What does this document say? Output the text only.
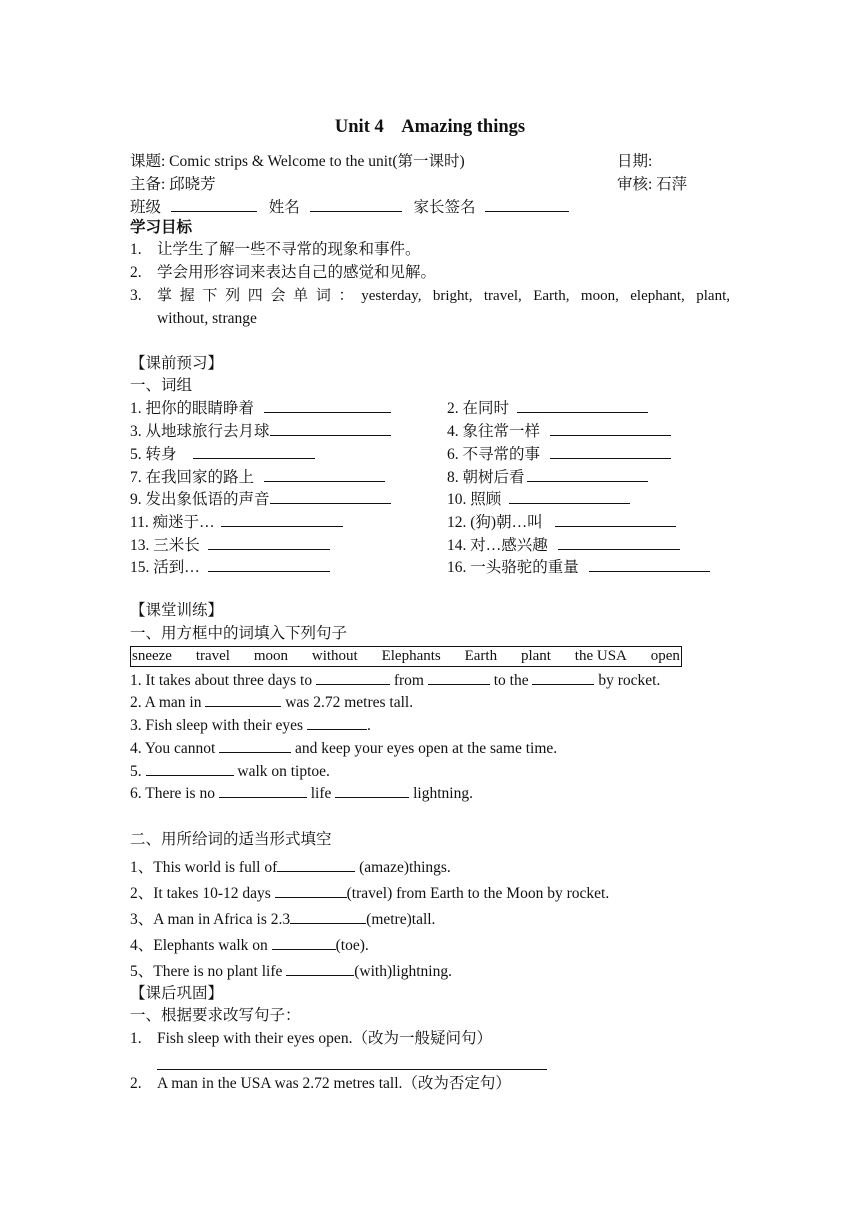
Unit 4    Amazing things
课题: Comic strips & Welcome to the unit(第一课时)	日期:
主备: 邱晓芳	审核: 石萍
班级	姓名	家长签名
学习目标
1. 让学生了解一些不寻常的现象和事件。
2. 学会用形容词来表达自己的感觉和见解。
3. 掌握下列四会单词：yesterday, bright, travel, Earth, moon, elephant, plant,
without, strange
【课前预习】
一、词组
1. 把你的眼睛睁着	2. 在同时
3. 从地球旅行去月球	4. 象往常一样
5. 转身	6. 不寻常的事
7. 在我回家的路上	8. 朝树后看
9. 发出象低语的声音	10. 照顾
11. 痴迷于…	12. (狗)朝…叫
13. 三米长	14. 对…感兴趣
15. 活到…	16. 一头骆驼的重量
【课堂训练】
一、用方框中的词填入下列句子
sneeze travel moon without Elephants Earth plant the USA open
1. It takes about three days to	from	to the	by rocket.
2. A man in	was 2.72 metres tall.
3. Fish sleep with their eyes	.
4. You cannot	and keep your eyes open at the same time.
5.	walk on tiptoe.
6. There is no	life	lightning.
二、用所给词的适当形式填空
1、This world is full of	(amaze)things.
2、It takes 10-12 days	(travel) from Earth to the Moon by rocket.
3、A man in Africa is 2.3	(metre)tall.
4、Elephants walk on	(toe).
5、There is no plant life	(with)lightning.
【课后巩固】
一、根据要求改写句子：
1. Fish sleep with their eyes open.（改为一般疑问句）
2. A man in the USA was 2.72 metres tall.（改为否定句）
